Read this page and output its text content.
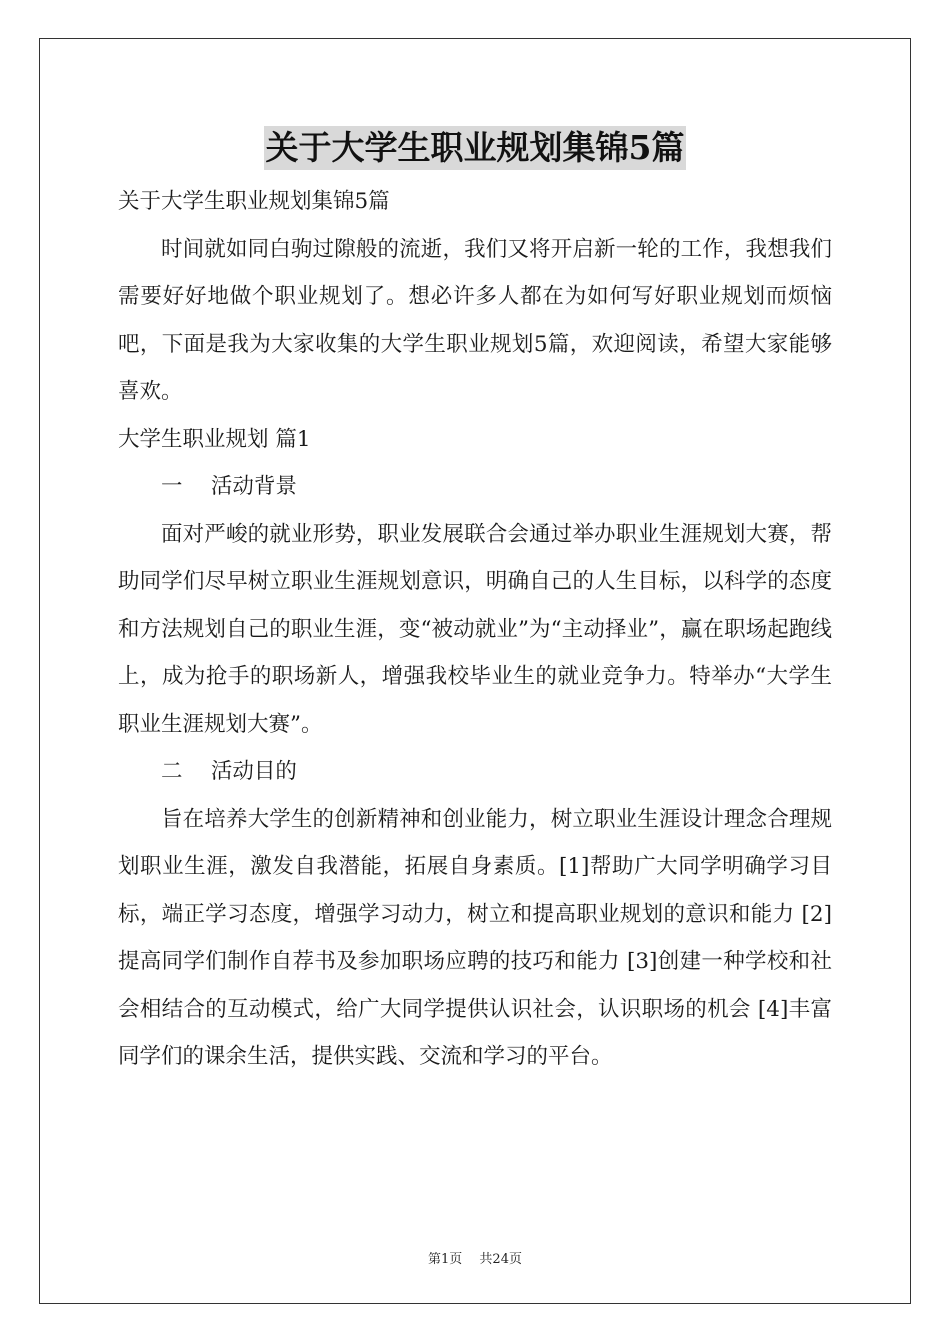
关于大学生职业规划集锦5篇

关于大学生职业规划集锦5篇

时间就如同白驹过隙般的流逝，我们又将开启新一轮的工作，我想我们需要好好地做个职业规划了。想必许多人都在为如何写好职业规划而烦恼吧，下面是我为大家收集的大学生职业规划5篇，欢迎阅读，希望大家能够喜欢。

大学生职业规划 篇1

一　 活动背景

面对严峻的就业形势，职业发展联合会通过举办职业生涯规划大赛，帮助同学们尽早树立职业生涯规划意识，明确自己的人生目标，以科学的态度和方法规划自己的职业生涯，变“被动就业”为“主动择业”，赢在职场起跑线上，成为抢手的职场新人，增强我校毕业生的就业竞争力。特举办“大学生职业生涯规划大赛”。

二　 活动目的

旨在培养大学生的创新精神和创业能力，树立职业生涯设计理念合理规划职业生涯，激发自我潜能，拓展自身素质。[1]帮助广大同学明确学习目标，端正学习态度，增强学习动力，树立和提高职业规划的意识和能力 [2]提高同学们制作自荐书及参加职场应聘的技巧和能力 [3]创建一种学校和社会相结合的互动模式，给广大同学提供认识社会，认识职场的机会 [4]丰富同学们的课余生活，提供实践、交流和学习的平台。

第1页　 共24页
